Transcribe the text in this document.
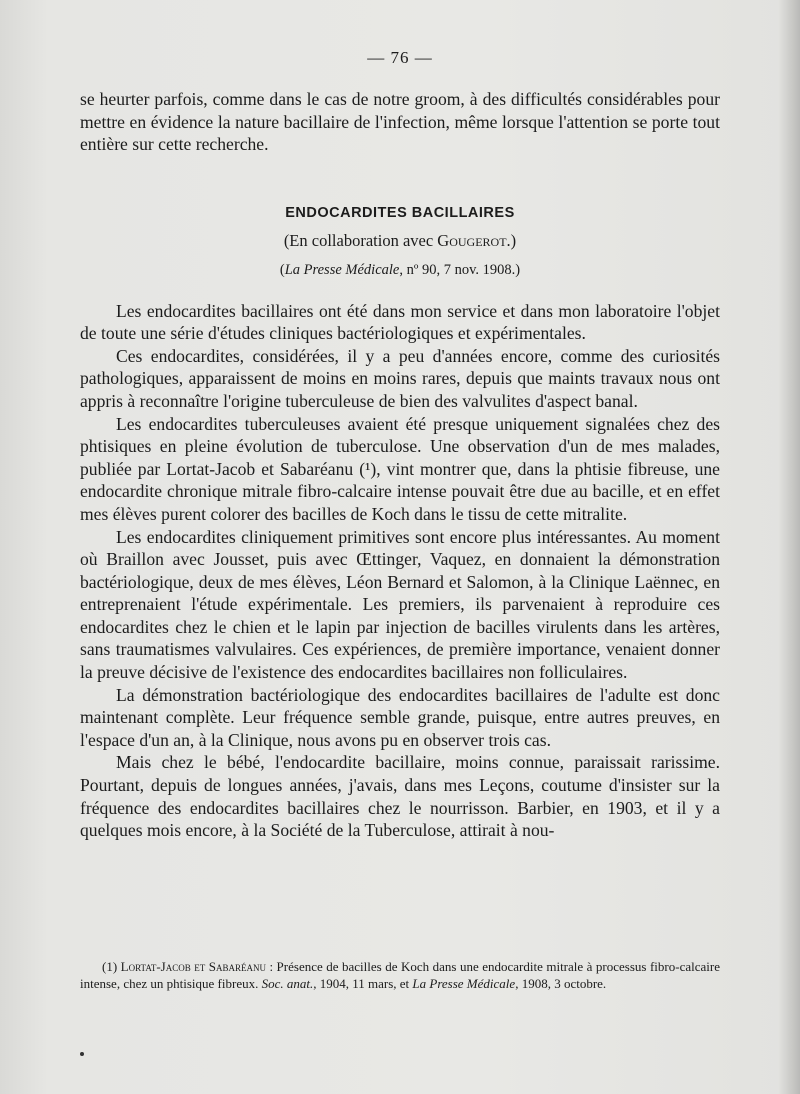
— 76 —

se heurter parfois, comme dans le cas de notre groom, à des difficultés considérables pour mettre en évidence la nature bacillaire de l'infection, même lorsque l'attention se porte tout entière sur cette recherche.

ENDOCARDITES BACILLAIRES
(En collaboration avec Gougerot.)
(La Presse Médicale, nº 90, 7 nov. 1908.)

Les endocardites bacillaires ont été dans mon service et dans mon laboratoire l'objet de toute une série d'études cliniques bactériologiques et expérimentales.

Ces endocardites, considérées, il y a peu d'années encore, comme des curiosités pathologiques, apparaissent de moins en moins rares, depuis que maints travaux nous ont appris à reconnaître l'origine tuberculeuse de bien des valvulites d'aspect banal.

Les endocardites tuberculeuses avaient été presque uniquement signalées chez des phtisiques en pleine évolution de tuberculose. Une observation d'un de mes malades, publiée par Lortat-Jacob et Sabaréanu (¹), vint montrer que, dans la phtisie fibreuse, une endocardite chronique mitrale fibro-calcaire intense pouvait être due au bacille, et en effet mes élèves purent colorer des bacilles de Koch dans le tissu de cette mitralite.

Les endocardites cliniquement primitives sont encore plus intéressantes. Au moment où Braillon avec Jousset, puis avec Œttinger, Vaquez, en donnaient la démonstration bactériologique, deux de mes élèves, Léon Bernard et Salomon, à la Clinique Laënnec, en entreprenaient l'étude expérimentale. Les premiers, ils parvenaient à reproduire ces endocardites chez le chien et le lapin par injection de bacilles virulents dans les artères, sans traumatismes valvulaires. Ces expériences, de première importance, venaient donner la preuve décisive de l'existence des endocardites bacillaires non folliculaires.

La démonstration bactériologique des endocardites bacillaires de l'adulte est donc maintenant complète. Leur fréquence semble grande, puisque, entre autres preuves, en l'espace d'un an, à la Clinique, nous avons pu en observer trois cas.

Mais chez le bébé, l'endocardite bacillaire, moins connue, paraissait rarissime. Pourtant, depuis de longues années, j'avais, dans mes Leçons, coutume d'insister sur la fréquence des endocardites bacillaires chez le nourrisson. Barbier, en 1903, et il y a quelques mois encore, à la Société de la Tuberculose, attirait à nou-

(1) Lortat-Jacob et Sabaréanu : Présence de bacilles de Koch dans une endocardite mitrale à processus fibro-calcaire intense, chez un phtisique fibreux. Soc. anat., 1904, 11 mars, et La Presse Médicale, 1908, 3 octobre.
